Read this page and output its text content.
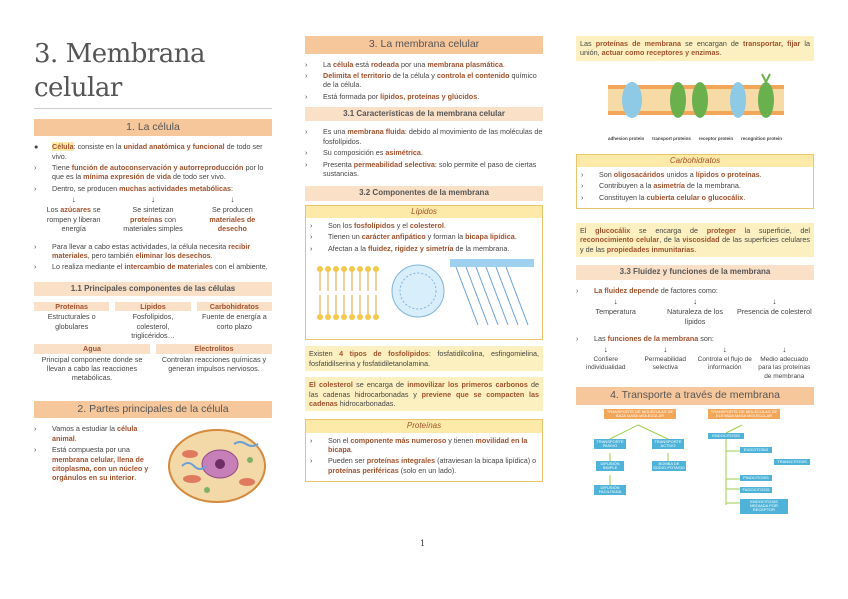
3. Membrana celular
1. La célula
● Célula: consiste en la unidad anatómica y funcional de todo ser vivo.
› Tiene función de autoconservación y autorreproducción por lo que es la mínima expresión de vida de todo ser vivo.
› Dentro, se producen muchas actividades metabólicas:
↓
Los azúcares se rompen y liberan energía
↓
Se sintetizan proteínas con materiales simples
↓
Se producen materiales de desecho
› Para llevar a cabo estas actividades, la célula necesita recibir materiales, pero también eliminar los desechos.
› Lo realiza mediante el intercambio de materiales con el ambiente.
1.1 Principales componentes de las células
Proteínas
Estructurales o globulares
Lípidos
Fosfolípidos, colesterol, triglicéridos…
Carbohidratos
Fuente de energía a corto plazo
Agua
Principal componente donde se llevan a cabo las reacciones metabólicas.
Electrolitos
Controlan reacciones químicas y generan impulsos nerviosos.
2. Partes principales de la célula
› Vamos a estudiar la célula animal.
› Está compuesta por una membrana celular, llena de citoplasma, con un núcleo y orgánulos en su interior.
3. La membrana celular
› La célula está rodeada por una membrana plasmática.
› Delimita el territorio de la célula y controla el contenido químico de la célula.
› Está formada por lípidos, proteínas y glúcidos.
3.1 Características de la membrana celular
› Es una membrana fluida: debido al movimiento de las moléculas de fosfolípidos.
› Su composición es asimétrica.
› Presenta permeabilidad selectiva: solo permite el paso de ciertas sustancias.
3.2 Componentes de la membrana
Lípidos
› Son los fosfolípidos y el colesterol.
› Tienen un carácter anfipático y forman la bicapa lipídica.
› Afectan a la fluidez, rigidez y simetría de la membrana.
Existen 4 tipos de fosfolípidos: fosfatidilcolina, esfingomielina, fosfatidilserina y fosfatidiletanolamina.
El colesterol se encarga de inmovilizar los primeros carbonos de las cadenas hidrocarbonadas y previene que se compacten las cadenas hidrocarbonadas.
Proteínas
› Son el componente más numeroso y tienen movilidad en la bicapa.
› Pueden ser proteínas integrales (atraviesan la bicapa lipídica) o proteínas periféricas (solo en un lado).
1
Las proteínas de membrana se encargan de transportar, fijar la unión, actuar como receptores y enzimas.
adhesion protein transport proteins receptor protein recognition protein
Carbohidratos
› Son oligosacáridos unidos a lípidos o proteínas.
› Contribuyen a la asimetría de la membrana.
› Constituyen la cubierta celular o glucocálix.
El glucocálix se encarga de proteger la superficie, del reconocimiento celular, de la viscosidad de las superficies celulares y de las propiedades inmunitarias.
3.3 Fluidez y funciones de la membrana
› La fluidez depende de factores como:
↓
Temperatura
↓
Naturaleza de los lípidos
↓
Presencia de colesterol
› Las funciones de la membrana son:
↓
Confiere individualidad
↓
Permeabilidad selectiva
↓
Controla el flujo de información
↓
Medio adecuado para las proteínas de membrana
4. Transporte a través de membrana
TRANSPORTE DE MOLÉCULAS DE BAJA MASA MOLECULAR
TRANSPORTE DE MOLÉCULAS DE ELEVADA MASA MOLECULAR
TRANSPORTE PASIVO
TRANSPORTE ACTIVO
DIFUSIÓN SIMPLE
BOMBA DE SODIO-POTASIO
DIFUSIÓN FACILITADA
ENDOCITOSIS
EXOCITOSIS
TRANSCITOSIS
PINOCITOSIS
FAGOCITOSIS
ENDOCITOSIS MEDIADA POR RECEPTOR
